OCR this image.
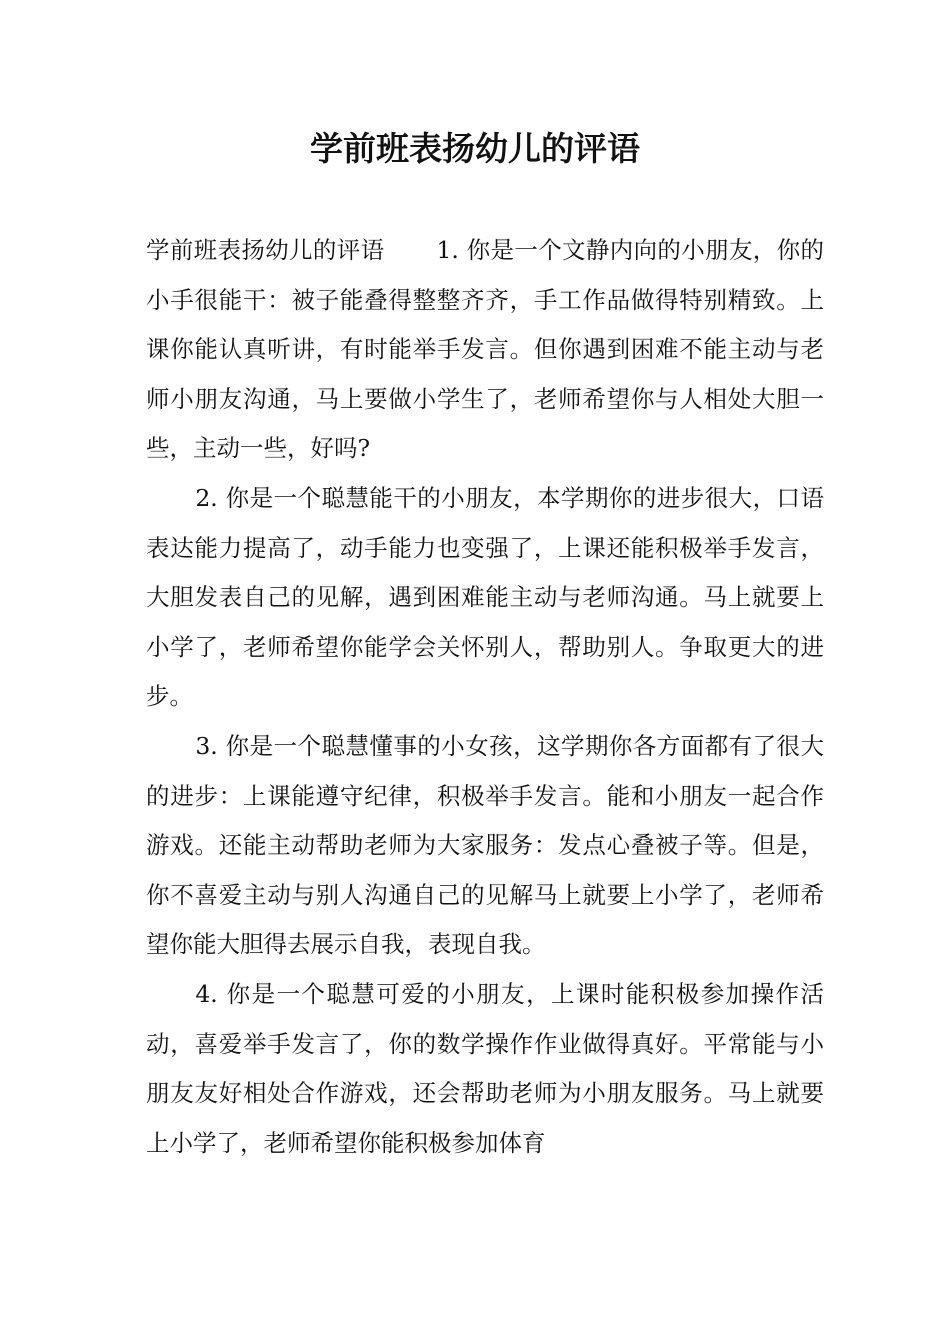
学前班表扬幼儿的评语

学前班表扬幼儿的评语 1. 你是一个文静内向的小朋友，你的小手很能干：被子能叠得整整齐齐，手工作品做得特别精致。上课你能认真听讲，有时能举手发言。但你遇到困难不能主动与老师小朋友沟通，马上要做小学生了，老师希望你与人相处大胆一些，主动一些，好吗?

2. 你是一个聪慧能干的小朋友，本学期你的进步很大，口语表达能力提高了，动手能力也变强了，上课还能积极举手发言，大胆发表自己的见解，遇到困难能主动与老师沟通。马上就要上小学了，老师希望你能学会关怀别人，帮助别人。争取更大的进步。

3. 你是一个聪慧懂事的小女孩，这学期你各方面都有了很大的进步：上课能遵守纪律，积极举手发言。能和小朋友一起合作游戏。还能主动帮助老师为大家服务：发点心叠被子等。但是，你不喜爱主动与别人沟通自己的见解马上就要上小学了，老师希望你能大胆得去展示自我，表现自我。

4. 你是一个聪慧可爱的小朋友，上课时能积极参加操作活动，喜爱举手发言了，你的数学操作作业做得真好。平常能与小朋友友好相处合作游戏，还会帮助老师为小朋友服务。马上就要上小学了，老师希望你能积极参加体育
